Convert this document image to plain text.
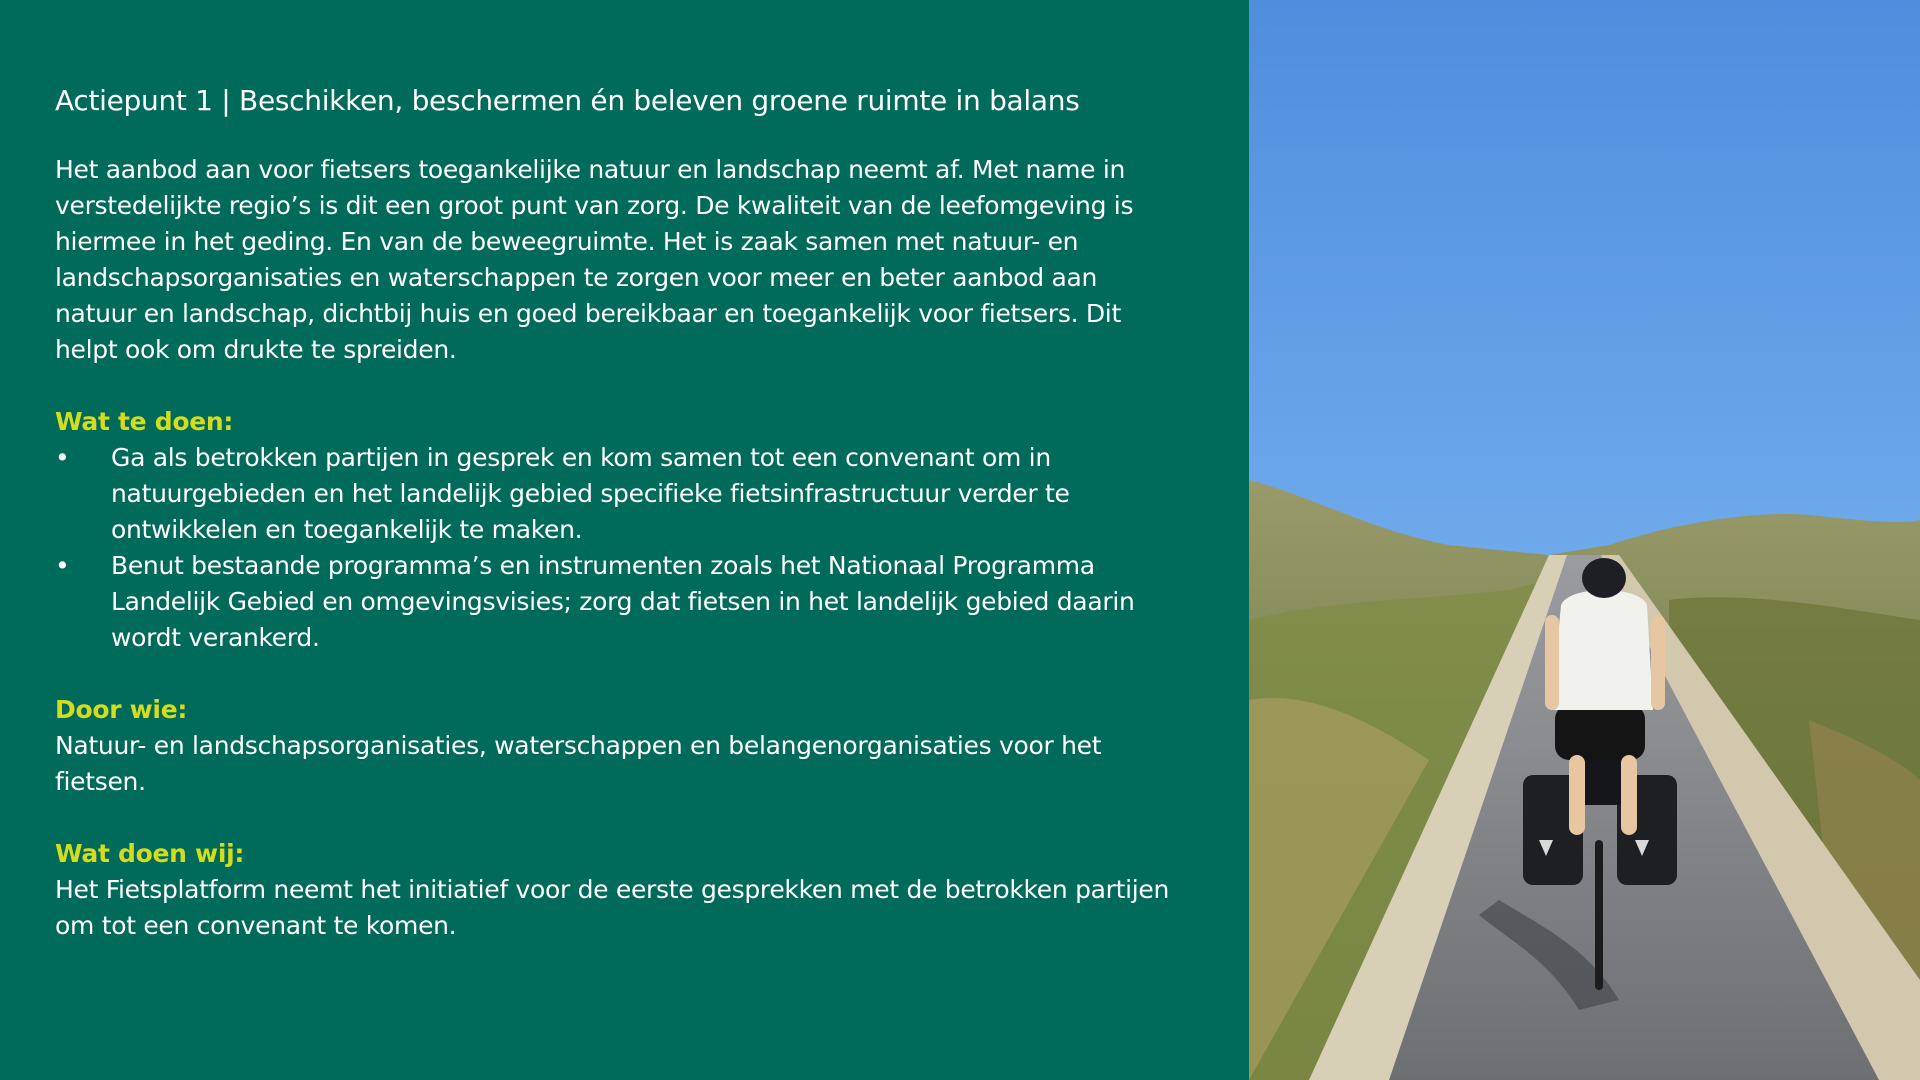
Actiepunt 1 | Beschikken, beschermen én beleven groene ruimte in balans

Het aanbod aan voor fietsers toegankelijke natuur en landschap neemt af. Met name in verstedelijkte regio’s is dit een groot punt van zorg. De kwaliteit van de leefomgeving is hiermee in het geding. En van de beweegruimte. Het is zaak samen met natuur- en landschapsorganisaties en waterschappen te zorgen voor meer en beter aanbod aan natuur en landschap, dichtbij huis en goed bereikbaar en toegankelijk voor fietsers. Dit helpt ook om drukte te spreiden.

Wat te doen:
• Ga als betrokken partijen in gesprek en kom samen tot een convenant om in natuurgebieden en het landelijk gebied specifieke fietsinfrastructuur verder te ontwikkelen en toegankelijk te maken.
• Benut bestaande programma’s en instrumenten zoals het Nationaal Programma Landelijk Gebied en omgevingsvisies; zorg dat fietsen in het landelijk gebied daarin wordt verankerd.
Door wie:

Natuur- en landschapsorganisaties, waterschappen en belangenorganisaties voor het fietsen.

Wat doen wij:

Het Fietsplatform neemt het initiatief voor de eerste gesprekken met de betrokken partijen om tot een convenant te komen.
